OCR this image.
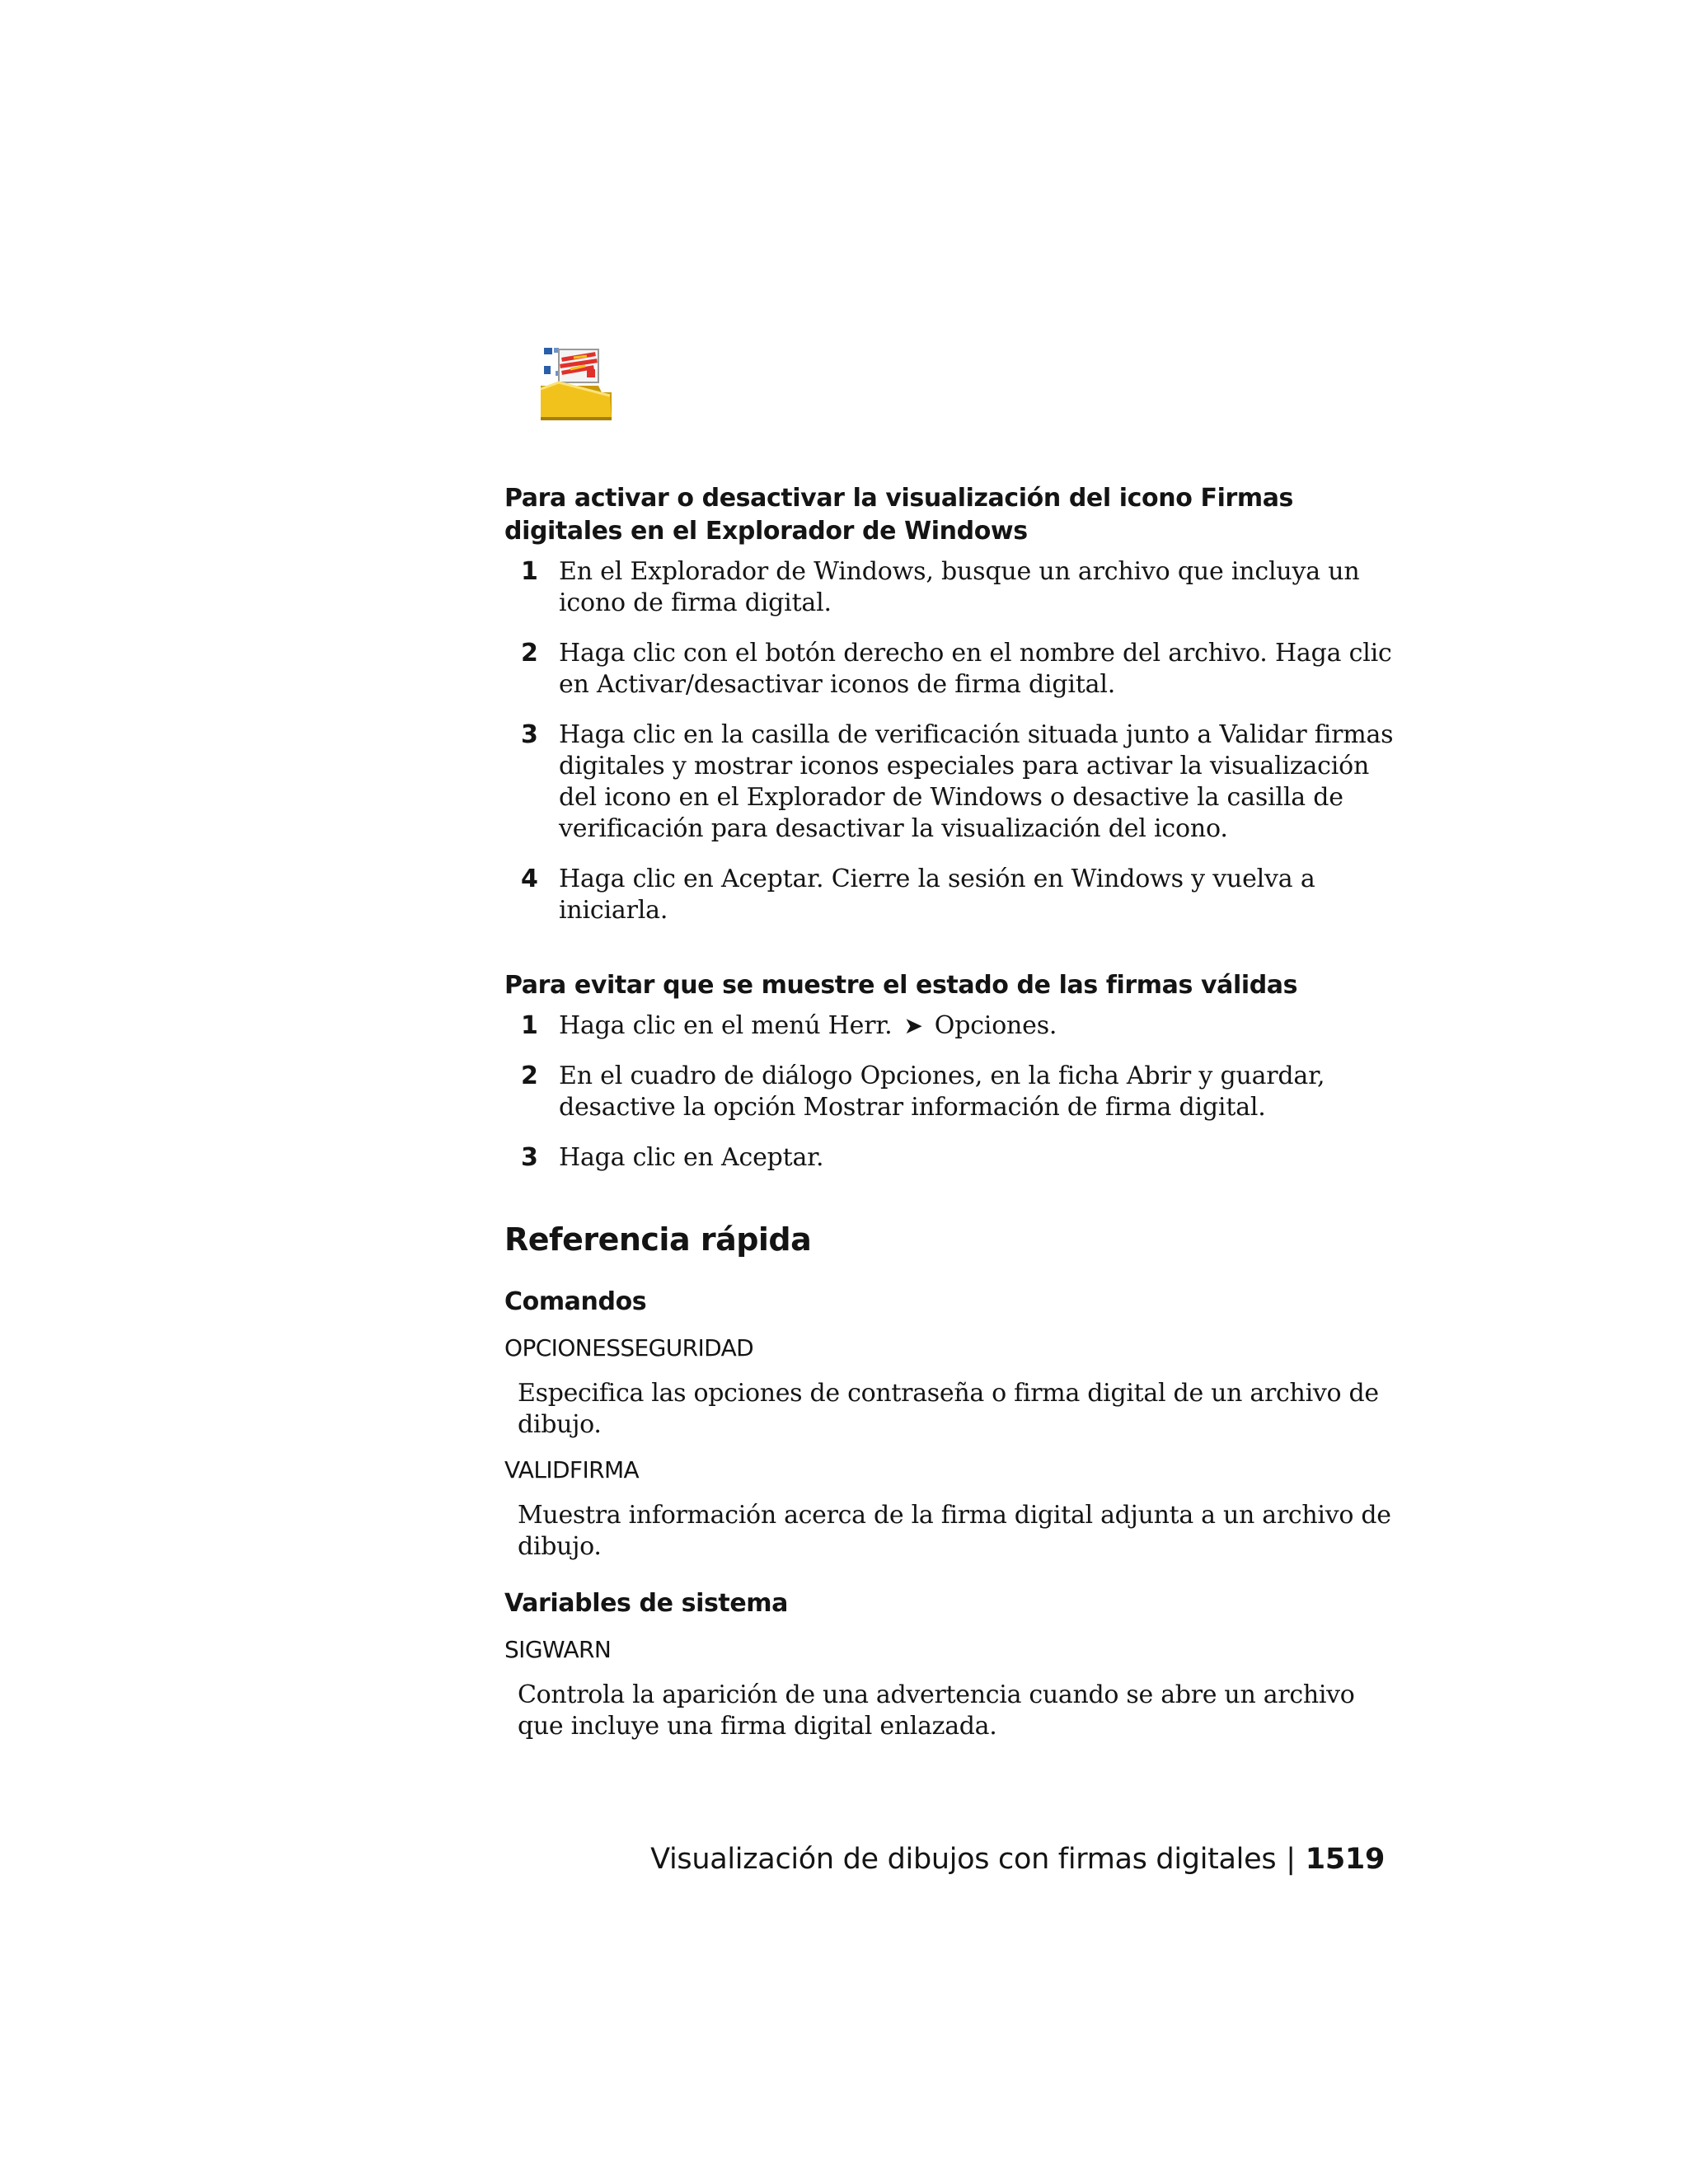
Para activar o desactivar la visualización del icono Firmas digitales en el Explorador de Windows
1 En el Explorador de Windows, busque un archivo que incluya un icono de firma digital.
2 Haga clic con el botón derecho en el nombre del archivo. Haga clic en Activar/desactivar iconos de firma digital.
3 Haga clic en la casilla de verificación situada junto a Validar firmas digitales y mostrar iconos especiales para activar la visualización del icono en el Explorador de Windows o desactive la casilla de verificación para desactivar la visualización del icono.
4 Haga clic en Aceptar. Cierre la sesión en Windows y vuelva a iniciarla.
Para evitar que se muestre el estado de las firmas válidas
1 Haga clic en el menú Herr. ➤ Opciones.
2 En el cuadro de diálogo Opciones, en la ficha Abrir y guardar, desactive la opción Mostrar información de firma digital.
3 Haga clic en Aceptar.
Referencia rápida
Comandos
OPCIONESSEGURIDAD
Especifica las opciones de contraseña o firma digital de un archivo de dibujo.
VALIDFIRMA
Muestra información acerca de la firma digital adjunta a un archivo de dibujo.
Variables de sistema
SIGWARN
Controla la aparición de una advertencia cuando se abre un archivo que incluye una firma digital enlazada.
Visualización de dibujos con firmas digitales | 1519
